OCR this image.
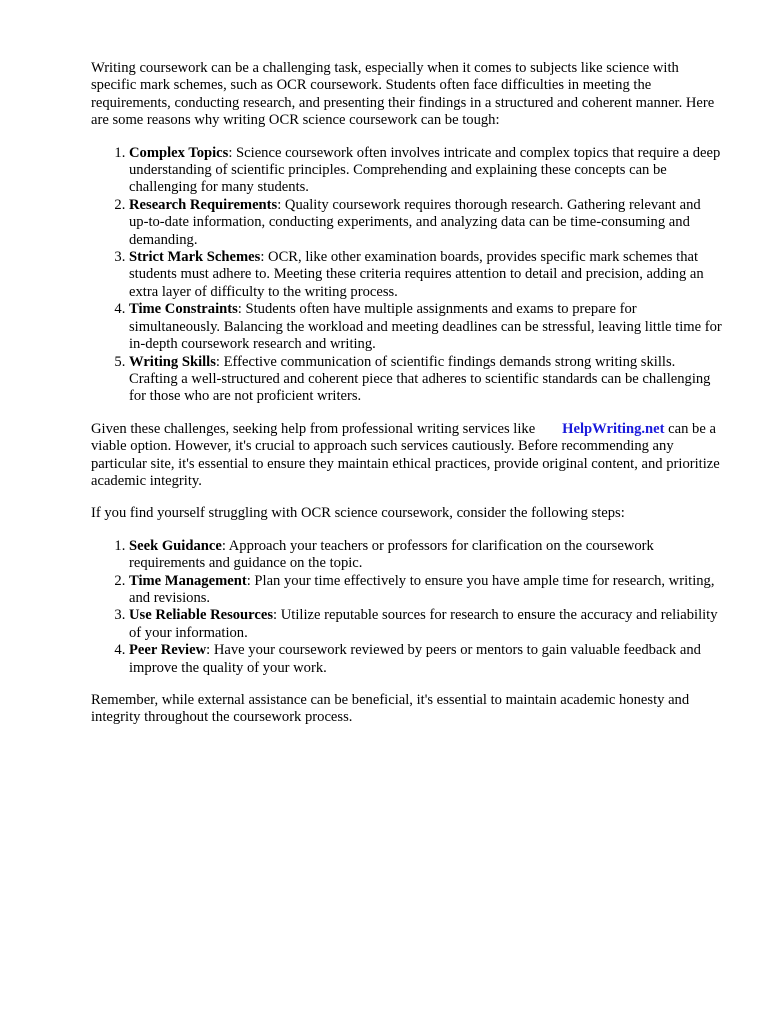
Writing coursework can be a challenging task, especially when it comes to subjects like science with specific mark schemes, such as OCR coursework. Students often face difficulties in meeting the requirements, conducting research, and presenting their findings in a structured and coherent manner. Here are some reasons why writing OCR science coursework can be tough:

1. Complex Topics: Science coursework often involves intricate and complex topics that require a deep understanding of scientific principles. Comprehending and explaining these concepts can be challenging for many students.
2. Research Requirements: Quality coursework requires thorough research. Gathering relevant and up-to-date information, conducting experiments, and analyzing data can be time-consuming and demanding.
3. Strict Mark Schemes: OCR, like other examination boards, provides specific mark schemes that students must adhere to. Meeting these criteria requires attention to detail and precision, adding an extra layer of difficulty to the writing process.
4. Time Constraints: Students often have multiple assignments and exams to prepare for simultaneously. Balancing the workload and meeting deadlines can be stressful, leaving little time for in-depth coursework research and writing.
5. Writing Skills: Effective communication of scientific findings demands strong writing skills. Crafting a well-structured and coherent piece that adheres to scientific standards can be challenging for those who are not proficient writers.

Given these challenges, seeking help from professional writing services like HelpWriting.net can be a viable option. However, it's crucial to approach such services cautiously. Before recommending any particular site, it's essential to ensure they maintain ethical practices, provide original content, and prioritize academic integrity.

If you find yourself struggling with OCR science coursework, consider the following steps:

1. Seek Guidance: Approach your teachers or professors for clarification on the coursework requirements and guidance on the topic.
2. Time Management: Plan your time effectively to ensure you have ample time for research, writing, and revisions.
3. Use Reliable Resources: Utilize reputable sources for research to ensure the accuracy and reliability of your information.
4. Peer Review: Have your coursework reviewed by peers or mentors to gain valuable feedback and improve the quality of your work.

Remember, while external assistance can be beneficial, it's essential to maintain academic honesty and integrity throughout the coursework process.
